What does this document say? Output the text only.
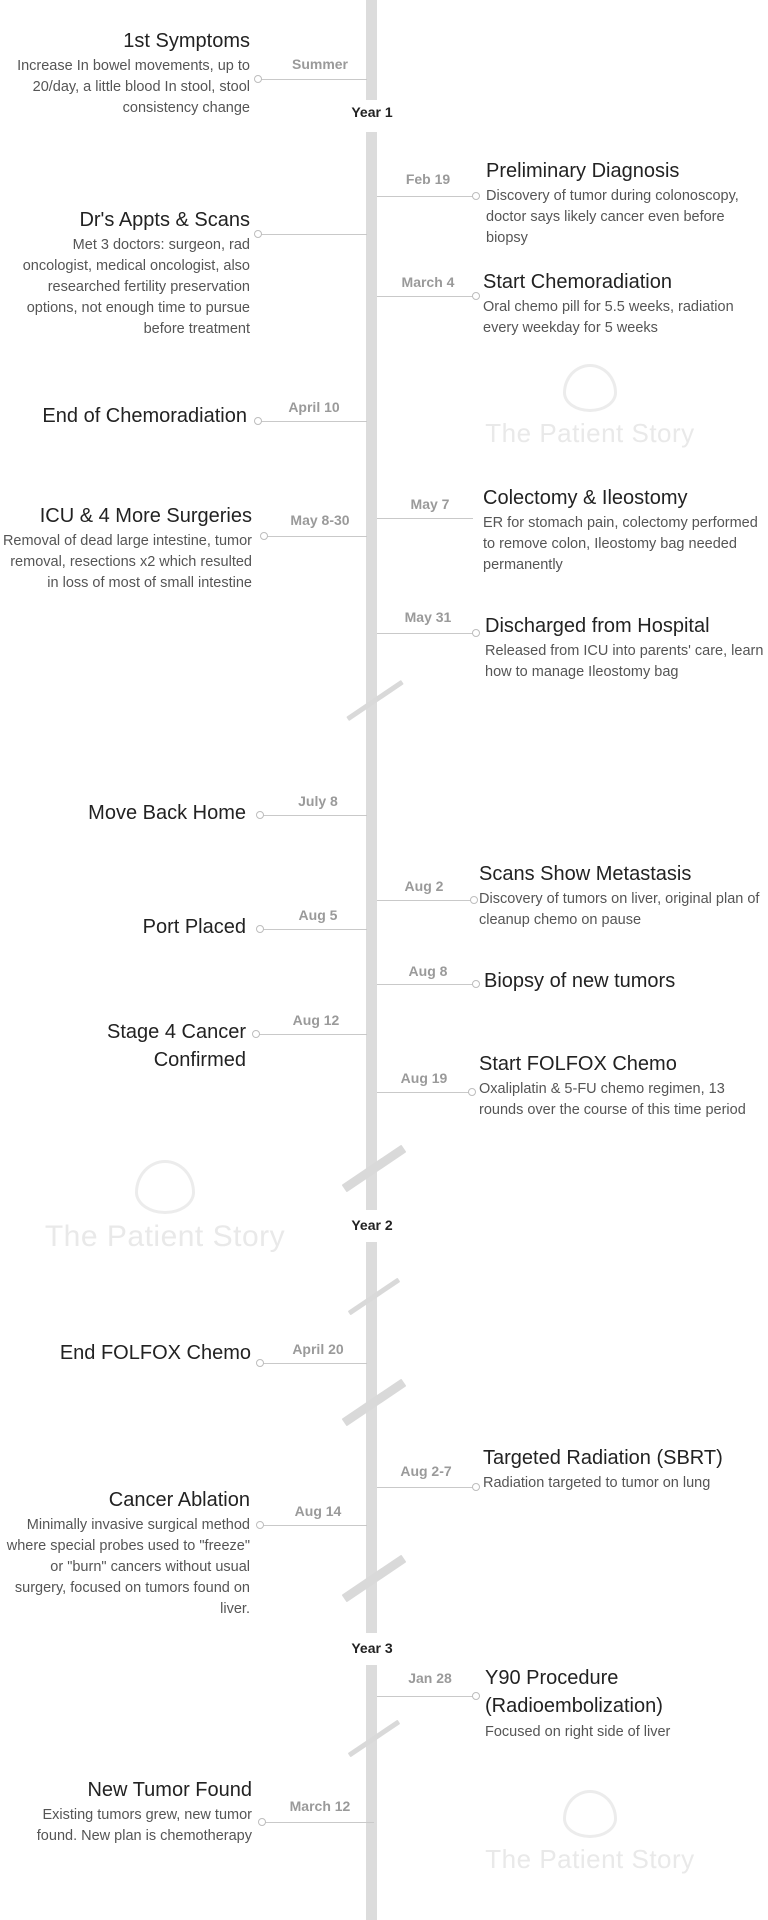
Year 1
Year 2
Year 3
The Patient Story
The Patient Story
The Patient Story
Summer
1st Symptoms
Increase In bowel movements, up to 20/day, a little blood In stool, stool consistency change
Feb 19	Preliminary Diagnosis
Discovery of tumor during colonoscopy, doctor says likely cancer even before biopsy
Dr's Appts & Scans
Met 3 doctors: surgeon, rad oncologist, medical oncologist, also researched fertility preservation options, not enough time to pursue before treatment
March 4	Start Chemoradiation
Oral chemo pill for 5.5 weeks, radiation every weekday for 5 weeks
April 10
End of Chemoradiation
May 7	Colectomy & Ileostomy
ER for stomach pain, colectomy performed to remove colon, Ileostomy bag needed permanently
May 8-30
ICU & 4 More Surgeries
Removal of dead large intestine, tumor removal, resections x2 which resulted in loss of most of small intestine
May 31	Discharged from Hospital
Released from ICU into parents' care, learn how to manage Ileostomy bag
July 8
Move Back Home
Aug 2
Scans Show Metastasis
Discovery of tumors on liver, original plan of cleanup chemo on pause
Aug 5
Port Placed
Aug 8	Biopsy of new tumors
Aug 12
Stage 4 Cancer Confirmed
Aug 19
Start FOLFOX Chemo
Oxaliplatin & 5-FU chemo regimen, 13 rounds over the course of this time period
April 20
End FOLFOX Chemo
Aug 2-7
Targeted Radiation (SBRT)
Radiation targeted to tumor on lung
Aug 14
Cancer Ablation
Minimally invasive surgical method where special probes used to "freeze" or "burn" cancers without usual surgery, focused on tumors found on liver.
Jan 28	Y90 Procedure (Radioembolization)
Focused on right side of liver
March 12
New Tumor Found
Existing tumors grew, new tumor found. New plan is chemotherapy
